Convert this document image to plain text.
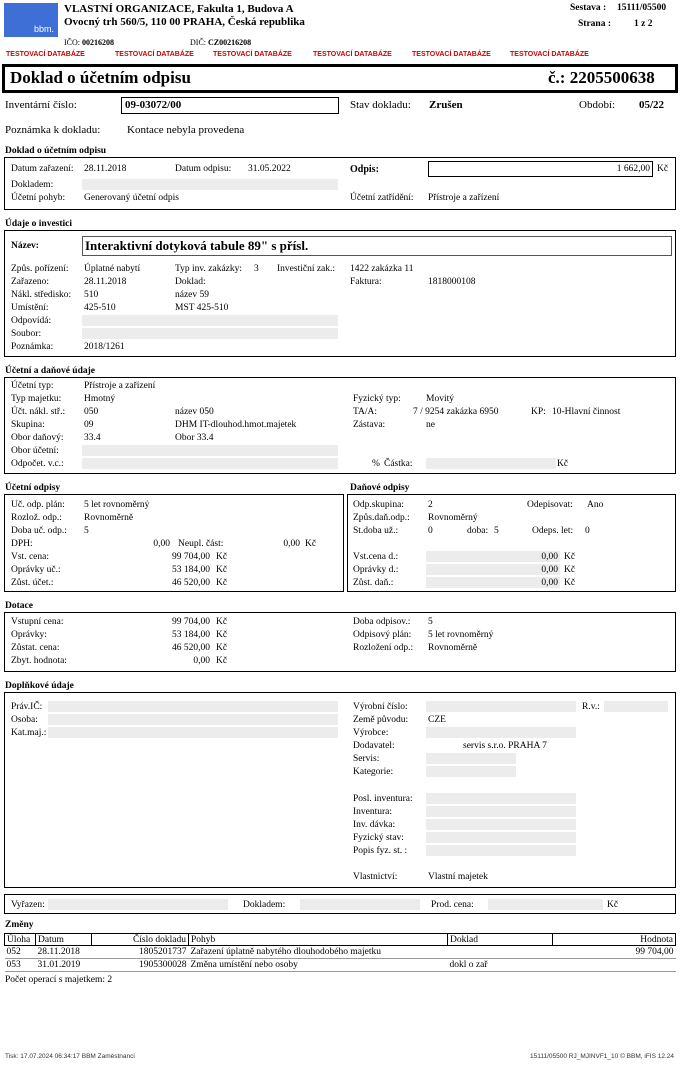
bbm.
VLASTNÍ ORGANIZACE, Fakulta 1, Budova A
Ovocný trh 560/5, 110 00 PRAHA, Česká republika
IČO: 00216208	DIČ: CZ00216208
Sestava : 15111/05500
Strana : 1 z 2
TESTOVACÍ DATABÁZE	TESTOVACÍ DATABÁZE	TESTOVACÍ DATABÁZE	TESTOVACÍ DATABÁZE	TESTOVACÍ DATABÁZE	TESTOVACÍ DATABÁZE
Doklad o účetním odpisu	č.: 2205500638
Inventární číslo:	09-03072/00	Stav dokladu: Zrušen	Období: 05/22
Poznámka k dokladu: Kontace nebyla provedena
Doklad o účetním odpisu
Datum zařazení: 28.11.2018	Datum odpisu: 31.05.2022	Odpis:	1 662,00 Kč
Dokladem:
Účetní pohyb: Generovaný účetní odpis	Účetní zatřídění: Přístroje a zařízení
Údaje o investici
Název:	Interaktivní dotyková tabule 89" s přísl.
Způs. pořízení: Úplatné nabytí	Typ inv. zakázky: 3 Investiční zak.: 1422 zakázka 11
Zařazeno:	28.11.2018	Doklad:	Faktura:	1818000108
Nákl. středisko: 510	název 59
Umístění:	425-510	MST 425-510
Odpovídá:
Soubor:
Poznámka:	2018/1261
Účetní a daňové údaje
Účetní typ:	Přístroje a zařízení
Typ majetku: Hmotný	Fyzický typ:	Movitý
Účt. nákl. stř.: 050	název 050	TA/A:	7 / 9254 zakázka 6950	KP: 10-Hlavní činnost
Skupina:	09	DHM IT-dlouhod.hmot.majetek	Zástava:	ne
Obor daňový: 33.4	Obor 33.4
Obor účetní:
Odpočet. v.c.:	% Částka:	Kč
Účetní odpisy
Uč. odp. plán: 5 let rovnoměrný
Rozlož. odp.: Rovnoměrně
Doba uč. odp.: 5
DPH:	0,00 Neupl. část:	0,00 Kč
Vst. cena:	99 704,00 Kč
Oprávky uč.:	53 184,00 Kč
Zůst. účet.:	46 520,00 Kč
Daňové odpisy
Odp.skupina:	2	Odepisovat: Ano
Způs.daň.odp.: Rovnoměrný
St.doba už.:	0	doba: 5	Odeps. let: 0
Vst.cena d.:	0,00 Kč
Oprávky d.:	0,00 Kč
Zůst. daň.:	0,00 Kč
Dotace
Vstupní cena:	99 704,00 Kč
Oprávky:	53 184,00 Kč
Zůstat. cena:	46 520,00 Kč
Zbyt. hodnota:	0,00 Kč
Doba odpisov.: 5
Odpisový plán: 5 let rovnoměrný
Rozložení odp.: Rovnoměrně
Doplňkové údaje
Práv.IČ:
Osoba:
Kat.maj.:
Výrobní číslo:	R.v.:
Země původu: CZE
Výrobce:
Dodavatel:	servis s.r.o. PRAHA 7
Servis:
Kategorie:
Posl. inventura:
Inventura:
Inv. dávka:
Fyzický stav:
Popis fyz. st. :
Vlastnictví:	Vlastní majetek
Vyřazen:	Dokladem:	Prod. cena:	Kč
Změny
Úloha	Datum	Číslo dokladu	Pohyb	Doklad	Hodnota
052	28.11.2018	1805201737	Zařazení úplatně nabytého dlouhodobého majetku		99 704,00
053	31.01.2019	1905300028	Změna umístění nebo osoby	dokl o zař	
Počet operací s majetkem: 2
Tisk: 17.07.2024 06:34:17 BBM Zaměstnanci	15111/05500 RJ_MJINVF1_10 © BBM, iFIS 12.24
